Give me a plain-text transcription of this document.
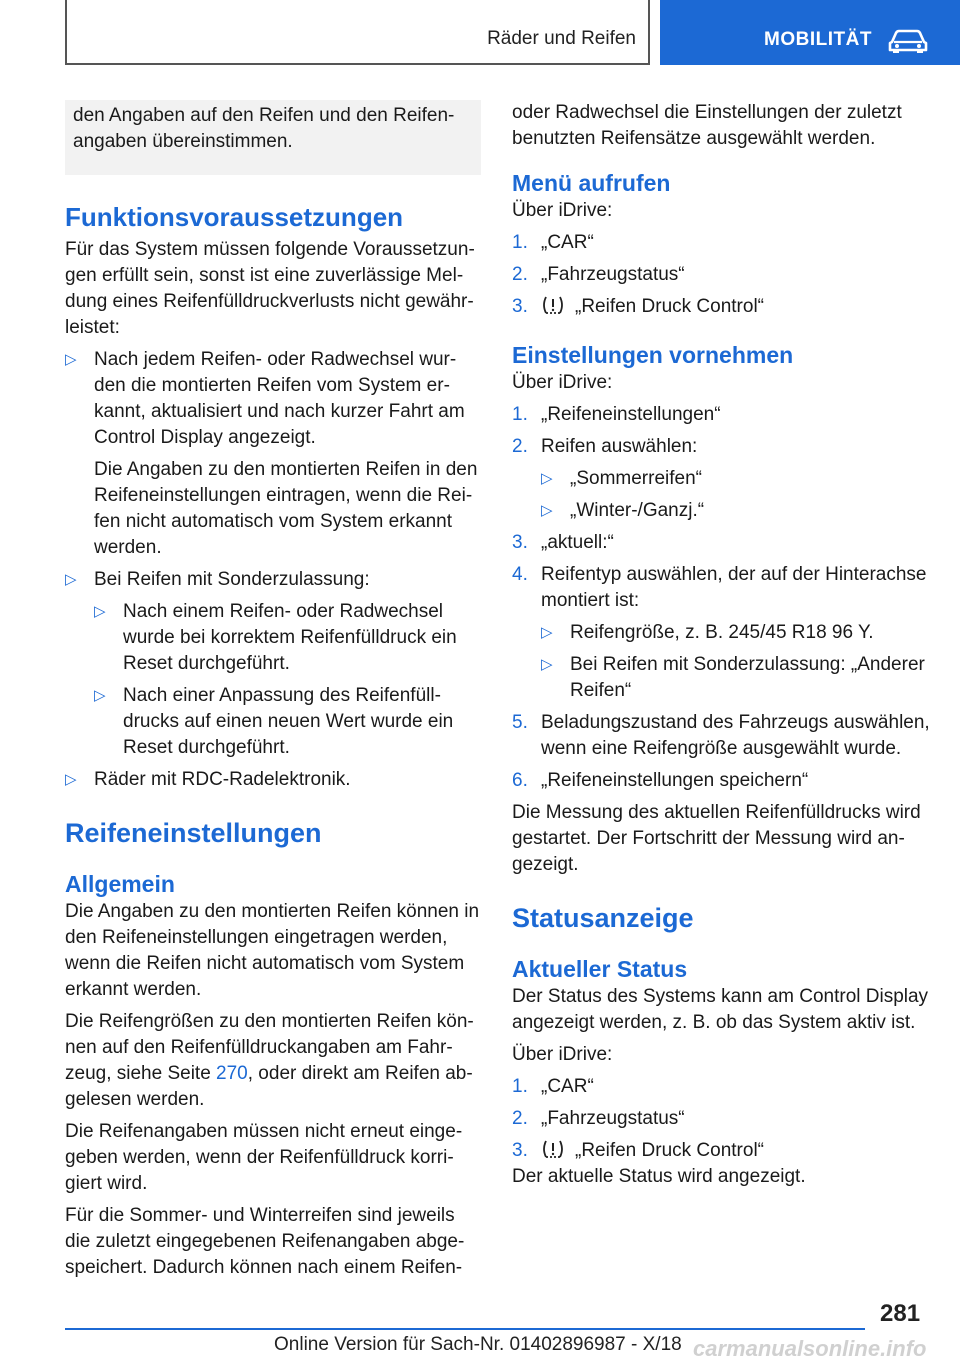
Räder und Reifen	MOBILITÄT

den Angaben auf den Reifen und den Reifenangaben übereinstimmen.

Funktionsvoraussetzungen

Für das System müssen folgende Voraussetzungen erfüllt sein, sonst ist eine zuverlässige Meldung eines Reifenfülldruckverlusts nicht gewährleistet:

▷ Nach jedem Reifen- oder Radwechsel wurden die montierten Reifen vom System erkannt, aktualisiert und nach kurzer Fahrt am Control Display angezeigt.

Die Angaben zu den montierten Reifen in den Reifeneinstellungen eintragen, wenn die Reifen nicht automatisch vom System erkannt werden.

▷ Bei Reifen mit Sonderzulassung:
▷ Nach einem Reifen- oder Radwechsel wurde bei korrektem Reifenfülldruck ein Reset durchgeführt.
▷ Nach einer Anpassung des Reifenfülldrucks auf einen neuen Wert wurde ein Reset durchgeführt.
▷ Räder mit RDC-Radelektronik.
Reifeneinstellungen
Allgemein

Die Angaben zu den montierten Reifen können in den Reifeneinstellungen eingetragen werden, wenn die Reifen nicht automatisch vom System erkannt werden.

Die Reifengrößen zu den montierten Reifen können auf den Reifenfülldruckangaben am Fahrzeug, siehe Seite 270, oder direkt am Reifen abgelesen werden.

Die Reifenangaben müssen nicht erneut eingegeben werden, wenn der Reifenfülldruck korrigiert wird.

Für die Sommer- und Winterreifen sind jeweils die zuletzt eingegebenen Reifenangaben abgespeichert. Dadurch können nach einem Reifen-

oder Radwechsel die Einstellungen der zuletzt benutzten Reifensätze ausgewählt werden.

Menü aufrufen

Über iDrive:

1. „CAR“
2. „Fahrzeugstatus“
3. „Reifen Druck Control“
Einstellungen vornehmen

Über iDrive:

1. „Reifeneinstellungen“
2. Reifen auswählen:
▷ „Sommerreifen“
▷ „Winter-/Ganzj.“
3. „aktuell:“
4. Reifentyp auswählen, der auf der Hinterachse montiert ist:
▷ Reifengröße, z. B. 245/45 R18 96 Y.
▷ Bei Reifen mit Sonderzulassung: „Anderer Reifen“
5. Beladungszustand des Fahrzeugs auswählen, wenn eine Reifengröße ausgewählt wurde.
6. „Reifeneinstellungen speichern“

Die Messung des aktuellen Reifenfülldrucks wird gestartet. Der Fortschritt der Messung wird angezeigt.

Statusanzeige
Aktueller Status

Der Status des Systems kann am Control Display angezeigt werden, z. B. ob das System aktiv ist.

Über iDrive:

1. „CAR“
2. „Fahrzeugstatus“
3. „Reifen Druck Control“

Der aktuelle Status wird angezeigt.

281
Online Version für Sach-Nr. 01402896987 - X/18 carmanualsonline.info
